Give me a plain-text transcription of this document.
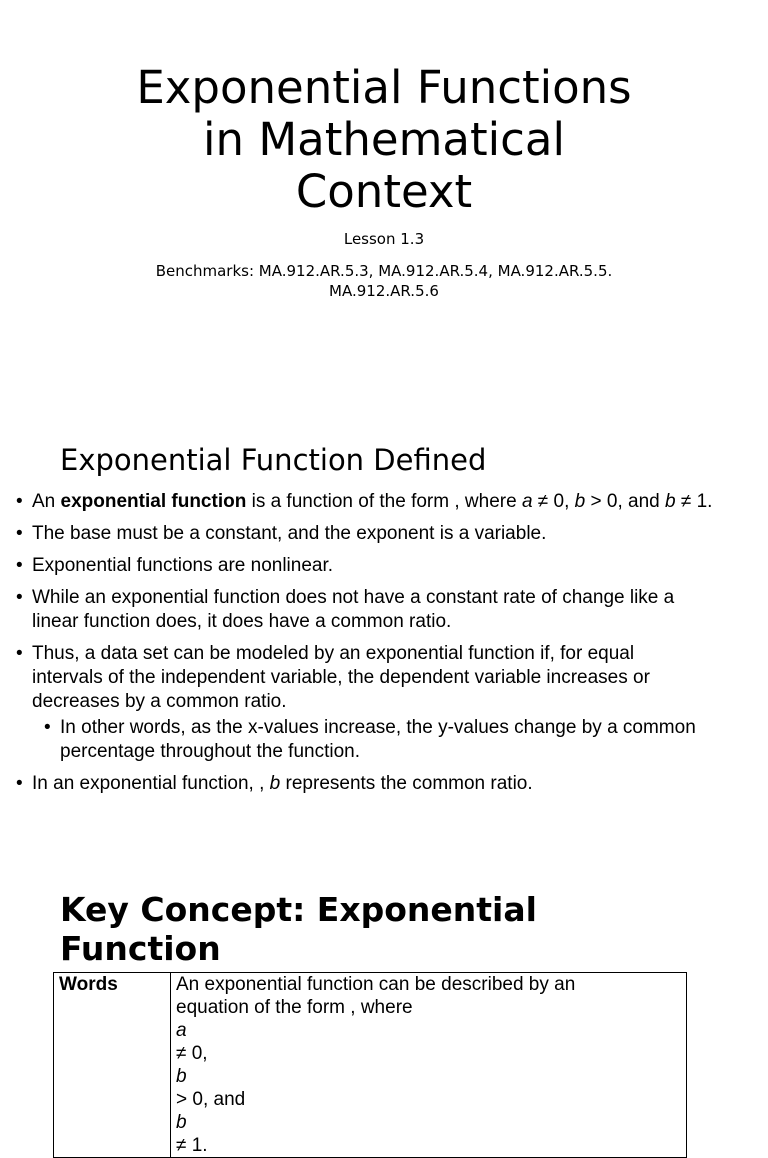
Exponential Functions
in Mathematical
Context
Lesson 1.3
Benchmarks: MA.912.AR.5.3, MA.912.AR.5.4, MA.912.AR.5.5.
MA.912.AR.5.6
Exponential Function Defined
• An exponential function is a function of the form , where a ≠ 0, b > 0, and b ≠ 1.
• The base must be a constant, and the exponent is a variable.
• Exponential functions are nonlinear.
• While an exponential function does not have a constant rate of change like a
linear function does, it does have a common ratio.
• Thus, a data set can be modeled by an exponential function if, for equal
intervals of the independent variable, the dependent variable increases or
decreases by a common ratio.
• In other words, as the x-values increase, the y-values change by a common
percentage throughout the function.
• In an exponential function, , b represents the common ratio.
Key Concept: Exponential
Function
Words	An exponential function can be described by an
equation of the form , where
a
≠ 0,
b
> 0, and
b
≠ 1.
